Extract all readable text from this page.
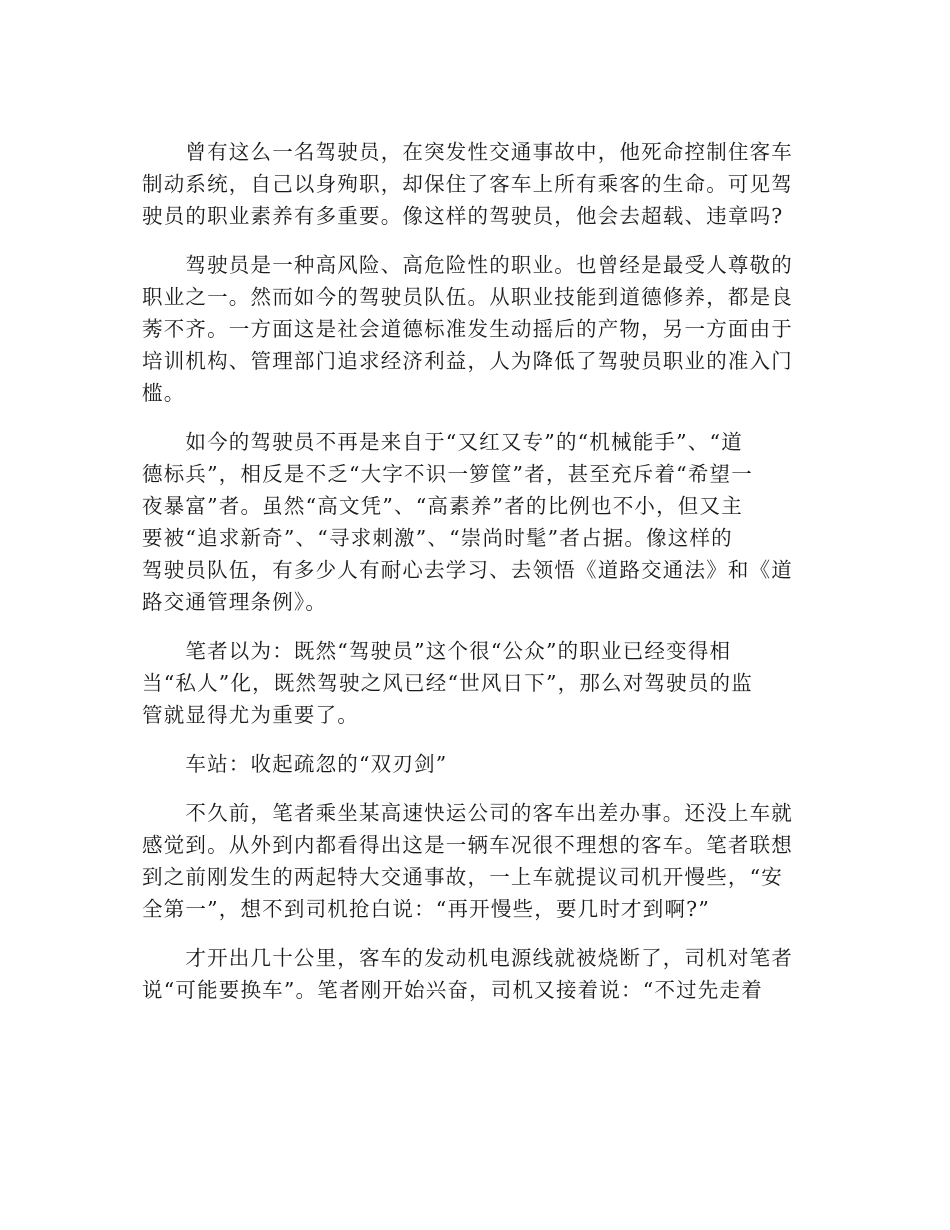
　　曾有这么一名驾驶员，在突发性交通事故中，他死命控制住客车
制动系统，自己以身殉职，却保住了客车上所有乘客的生命。可见驾
驶员的职业素养有多重要。像这样的驾驶员，他会去超载、违章吗?
　　驾驶员是一种高风险、高危险性的职业。也曾经是最受人尊敬的
职业之一。然而如今的驾驶员队伍。从职业技能到道德修养，都是良
莠不齐。一方面这是社会道德标准发生动摇后的产物，另一方面由于
培训机构、管理部门追求经济利益，人为降低了驾驶员职业的准入门
槛。
　　如今的驾驶员不再是来自于“又红又专”的“机械能手”、“道
德标兵”，相反是不乏“大字不识一箩筐”者，甚至充斥着“希望一
夜暴富”者。虽然“高文凭”、“高素养”者的比例也不小，但又主
要被“追求新奇”、“寻求刺激”、“崇尚时髦”者占据。像这样的
驾驶员队伍，有多少人有耐心去学习、去领悟《道路交通法》和《道
路交通管理条例》。
　　笔者以为：既然“驾驶员”这个很“公众”的职业已经变得相
当“私人”化，既然驾驶之风已经“世风日下”，那么对驾驶员的监
管就显得尤为重要了。
　　车站：收起疏忽的“双刃剑”
　　不久前，笔者乘坐某高速快运公司的客车出差办事。还没上车就
感觉到。从外到内都看得出这是一辆车况很不理想的客车。笔者联想
到之前刚发生的两起特大交通事故，一上车就提议司机开慢些，“安
全第一”，想不到司机抢白说：“再开慢些，要几时才到啊?”
　　才开出几十公里，客车的发动机电源线就被烧断了，司机对笔者
说“可能要换车”。笔者刚开始兴奋，司机又接着说：“不过先走着
